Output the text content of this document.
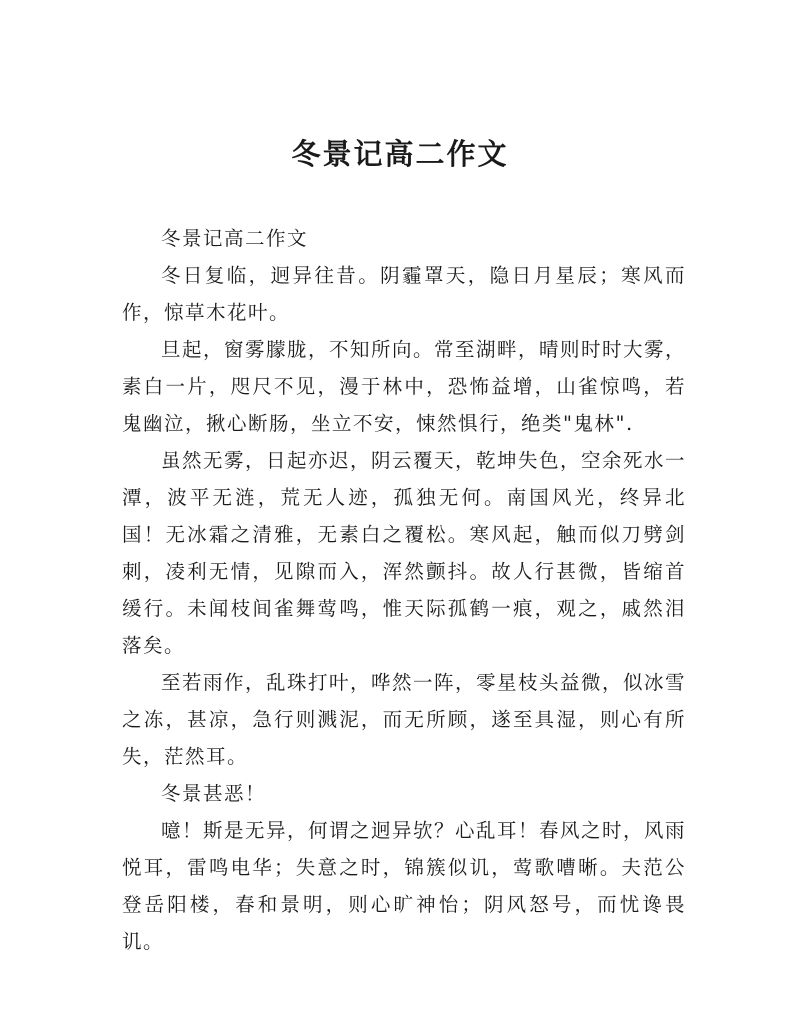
冬景记高二作文

冬景记高二作文

冬日复临，迥异往昔。阴霾罩天，隐日月星辰；寒风而作，惊草木花叶。

旦起，窗雾朦胧，不知所向。常至湖畔，晴则时时大雾，素白一片，咫尺不见，漫于林中，恐怖益增，山雀惊鸣，若鬼幽泣，揪心断肠，坐立不安，悚然惧行，绝类"鬼林".

虽然无雾，日起亦迟，阴云覆天，乾坤失色，空余死水一潭，波平无涟，荒无人迹，孤独无何。南国风光，终异北国！无冰霜之清雅，无素白之覆松。寒风起，触而似刀劈剑刺，凌利无情，见隙而入，浑然颤抖。故人行甚微，皆缩首缓行。未闻枝间雀舞莺鸣，惟天际孤鹤一痕，观之，戚然泪落矣。

至若雨作，乱珠打叶，哗然一阵，零星枝头益微，似冰雪之冻，甚凉，急行则溅泥，而无所顾，遂至具湿，则心有所失，茫然耳。

冬景甚恶！

噫！斯是无异，何谓之迥异欤？心乱耳！春风之时，风雨悦耳，雷鸣电华；失意之时，锦簇似讥，莺歌嘈晰。夫范公登岳阳楼，春和景明，则心旷神怡；阴风怒号，而忧谗畏讥。
